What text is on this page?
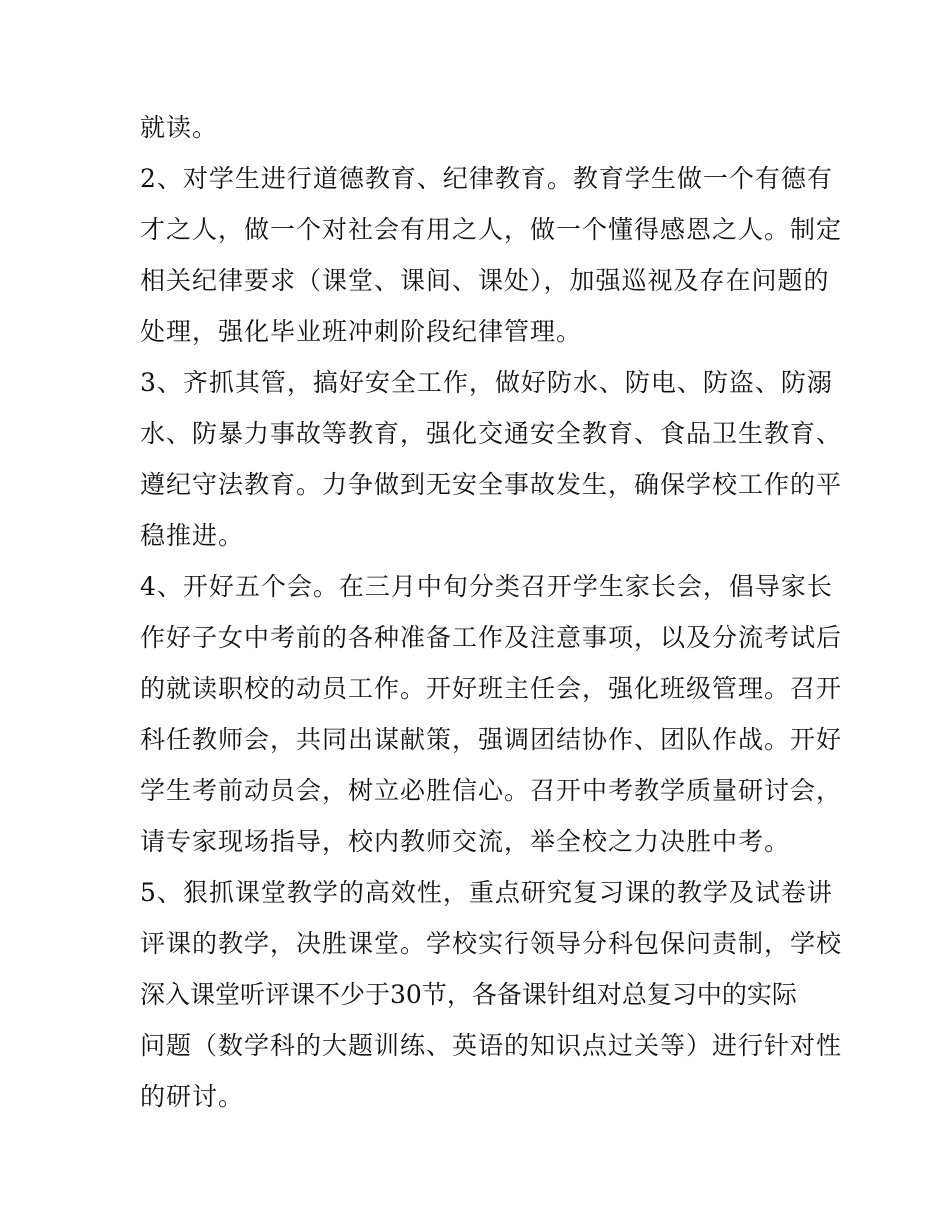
就读。
2、对学生进行道德教育、纪律教育。教育学生做一个有德有
才之人，做一个对社会有用之人，做一个懂得感恩之人。制定
相关纪律要求（课堂、课间、课处），加强巡视及存在问题的
处理，强化毕业班冲刺阶段纪律管理。
3、齐抓其管，搞好安全工作，做好防水、防电、防盗、防溺
水、防暴力事故等教育，强化交通安全教育、食品卫生教育、
遵纪守法教育。力争做到无安全事故发生，确保学校工作的平
稳推进。
4、开好五个会。在三月中旬分类召开学生家长会，倡导家长
作好子女中考前的各种准备工作及注意事项，以及分流考试后
的就读职校的动员工作。开好班主任会，强化班级管理。召开
科任教师会，共同出谋献策，强调团结协作、团队作战。开好
学生考前动员会，树立必胜信心。召开中考教学质量研讨会，
请专家现场指导，校内教师交流，举全校之力决胜中考。
5、狠抓课堂教学的高效性，重点研究复习课的教学及试卷讲
评课的教学，决胜课堂。学校实行领导分科包保问责制，学校
深入课堂听评课不少于30节，各备课针组对总复习中的实际
问题（数学科的大题训练、英语的知识点过关等）进行针对性
的研讨。
